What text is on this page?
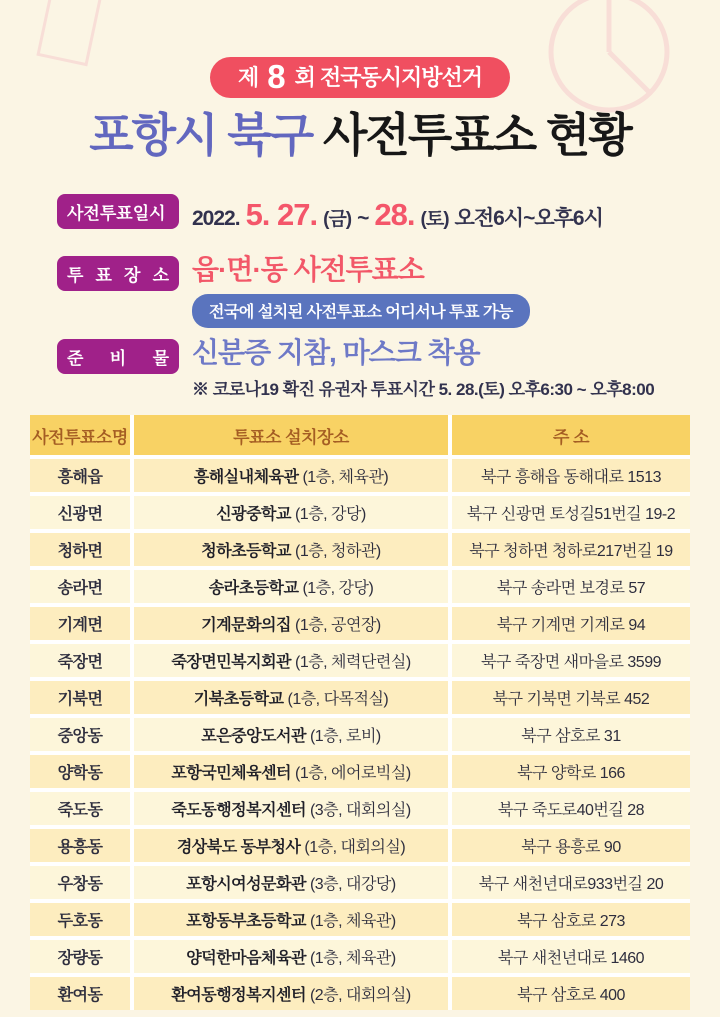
제 8 회 전국동시지방선거
포항시 북구 사전투표소 현황
사전투표일시	2022. 5. 27. (금) ~ 28. (토) 오전6시~오후6시
투 표 장 소 읍·면·동 사전투표소
전국에 설치된 사전투표소 어디서나 투표 가능
준 비 물 신분증 지참, 마스크 착용
※ 코로나19 확진 유권자 투표시간 5. 28.(토) 오후6:30 ~ 오후8:00
사전투표소명	투표소 설치장소	주 소
흥해읍	흥해실내체육관 (1층, 체육관)	북구 흥해읍 동해대로 1513
신광면	신광중학교 (1층, 강당)	북구 신광면 토성길51번길 19-2
청하면	청하초등학교 (1층, 청하관)	북구 청하면 청하로217번길 19
송라면	송라초등학교 (1층, 강당)	북구 송라면 보경로 57
기계면	기계문화의집 (1층, 공연장)	북구 기계면 기계로 94
죽장면	죽장면민복지회관 (1층, 체력단련실)	북구 죽장면 새마을로 3599
기북면	기북초등학교 (1층, 다목적실)	북구 기북면 기북로 452
중앙동	포은중앙도서관 (1층, 로비)	북구 삼호로 31
양학동	포항국민체육센터 (1층, 에어로빅실)	북구 양학로 166
죽도동	죽도동행정복지센터 (3층, 대회의실)	북구 죽도로40번길 28
용흥동	경상북도 동부청사 (1층, 대회의실)	북구 용흥로 90
우창동	포항시여성문화관 (3층, 대강당)	북구 새천년대로933번길 20
두호동	포항동부초등학교 (1층, 체육관)	북구 삼호로 273
장량동	양덕한마음체육관 (1층, 체육관)	북구 새천년대로 1460
환여동	환여동행정복지센터 (2층, 대회의실)	북구 삼호로 400
